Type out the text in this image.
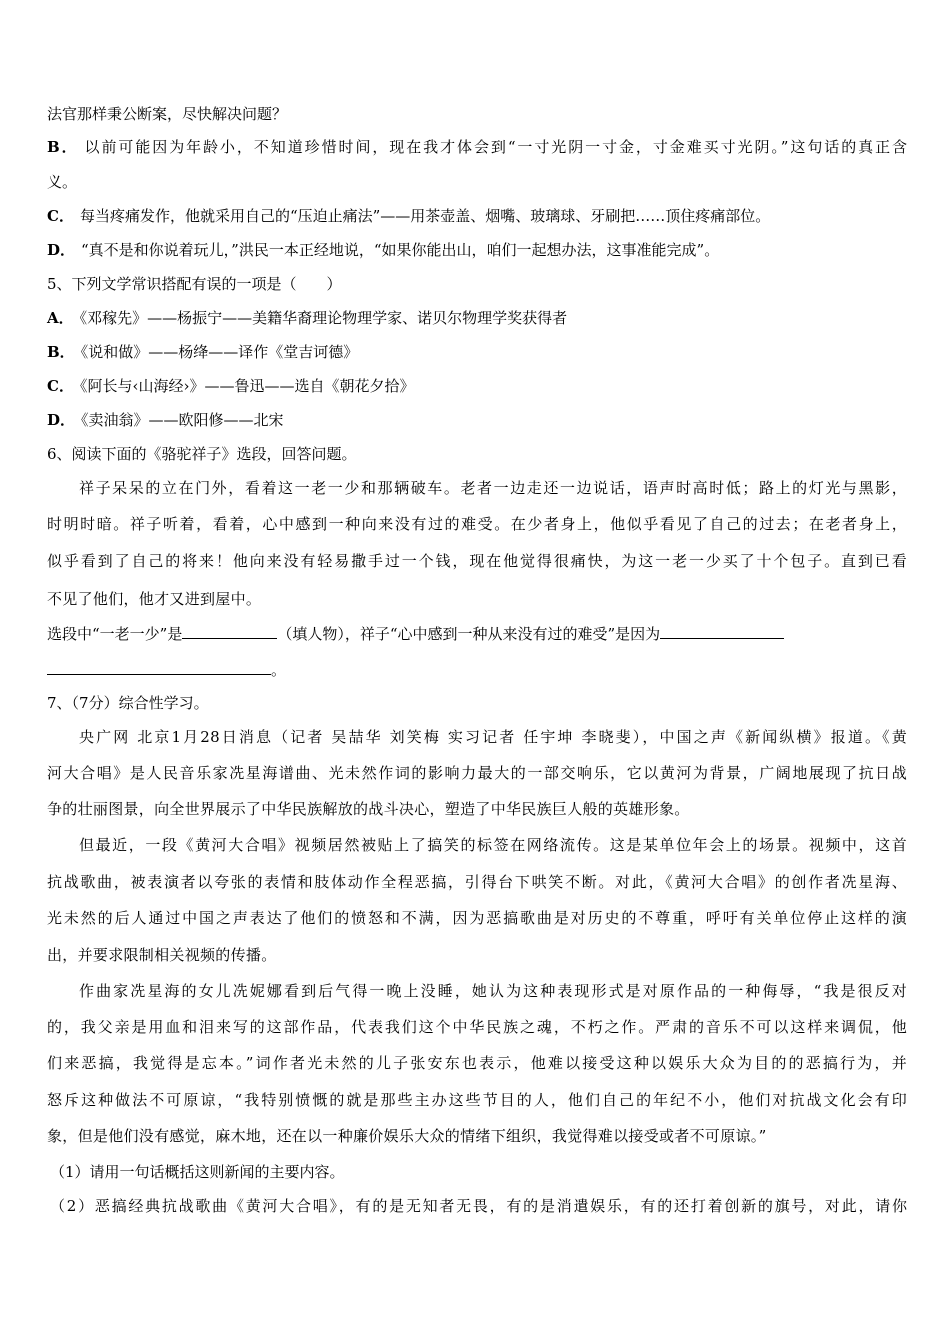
法官那样秉公断案，尽快解决问题？
B． 以前可能因为年龄小，不知道珍惜时间，现在我才体会到“一寸光阴一寸金，寸金难买寸光阴。”这句话的真正含
义。
C． 每当疼痛发作，他就采用自己的“压迫止痛法”——用茶壶盖、烟嘴、玻璃球、牙刷把……顶住疼痛部位。
D． “真不是和你说着玩儿，”洪民一本正经地说，“如果你能出山，咱们一起想办法，这事准能完成”。
5、下列文学常识搭配有误的一项是（　　）
A． 《邓稼先》——杨振宁——美籍华裔理论物理学家、诺贝尔物理学奖获得者
B． 《说和做》——杨绛——译作《堂吉诃德》
C． 《阿长与‹山海经›》——鲁迅——选自《朝花夕拾》
D． 《卖油翁》——欧阳修——北宋
6、阅读下面的《骆驼祥子》选段，回答问题。
祥子呆呆的立在门外，看着这一老一少和那辆破车。老者一边走还一边说话，语声时高时低；路上的灯光与黑影，
时明时暗。祥子听着，看着，心中感到一种向来没有过的难受。在少者身上，他似乎看见了自己的过去；在老者身上，
似乎看到了自己的将来！他向来没有轻易撒手过一个钱，现在他觉得很痛快，为这一老一少买了十个包子。直到已看
不见了他们，他才又进到屋中。
选段中“一老一少”是	（填人物），祥子“心中感到一种从来没有过的难受”是因为
。
7、（7分）综合性学习。
央广网 北京1月28日消息（记者 吴喆华 刘笑梅 实习记者 任宇坤 李晓斐），中国之声《新闻纵横》报道。《黄
河大合唱》是人民音乐家冼星海谱曲、光未然作词的影响力最大的一部交响乐，它以黄河为背景，广阔地展现了抗日战
争的壮丽图景，向全世界展示了中华民族解放的战斗决心，塑造了中华民族巨人般的英雄形象。
但最近，一段《黄河大合唱》视频居然被贴上了搞笑的标签在网络流传。这是某单位年会上的场景。视频中，这首
抗战歌曲，被表演者以夸张的表情和肢体动作全程恶搞，引得台下哄笑不断。对此，《黄河大合唱》的创作者冼星海、
光未然的后人通过中国之声表达了他们的愤怒和不满，因为恶搞歌曲是对历史的不尊重，呼吁有关单位停止这样的演
出，并要求限制相关视频的传播。
作曲家冼星海的女儿冼妮娜看到后气得一晚上没睡，她认为这种表现形式是对原作品的一种侮辱，“我是很反对
的，我父亲是用血和泪来写的这部作品，代表我们这个中华民族之魂，不朽之作。严肃的音乐不可以这样来调侃，他
们来恶搞，我觉得是忘本。”词作者光未然的儿子张安东也表示，他难以接受这种以娱乐大众为目的的恶搞行为，并
怒斥这种做法不可原谅，“我特别愤慨的就是那些主办这些节目的人，他们自己的年纪不小，他们对抗战文化会有印
象，但是他们没有感觉，麻木地，还在以一种廉价娱乐大众的情绪下组织，我觉得难以接受或者不可原谅。”
（1）请用一句话概括这则新闻的主要内容。
（2）恶搞经典抗战歌曲《黄河大合唱》，有的是无知者无畏，有的是消遣娱乐，有的还打着创新的旗号，对此，请你
